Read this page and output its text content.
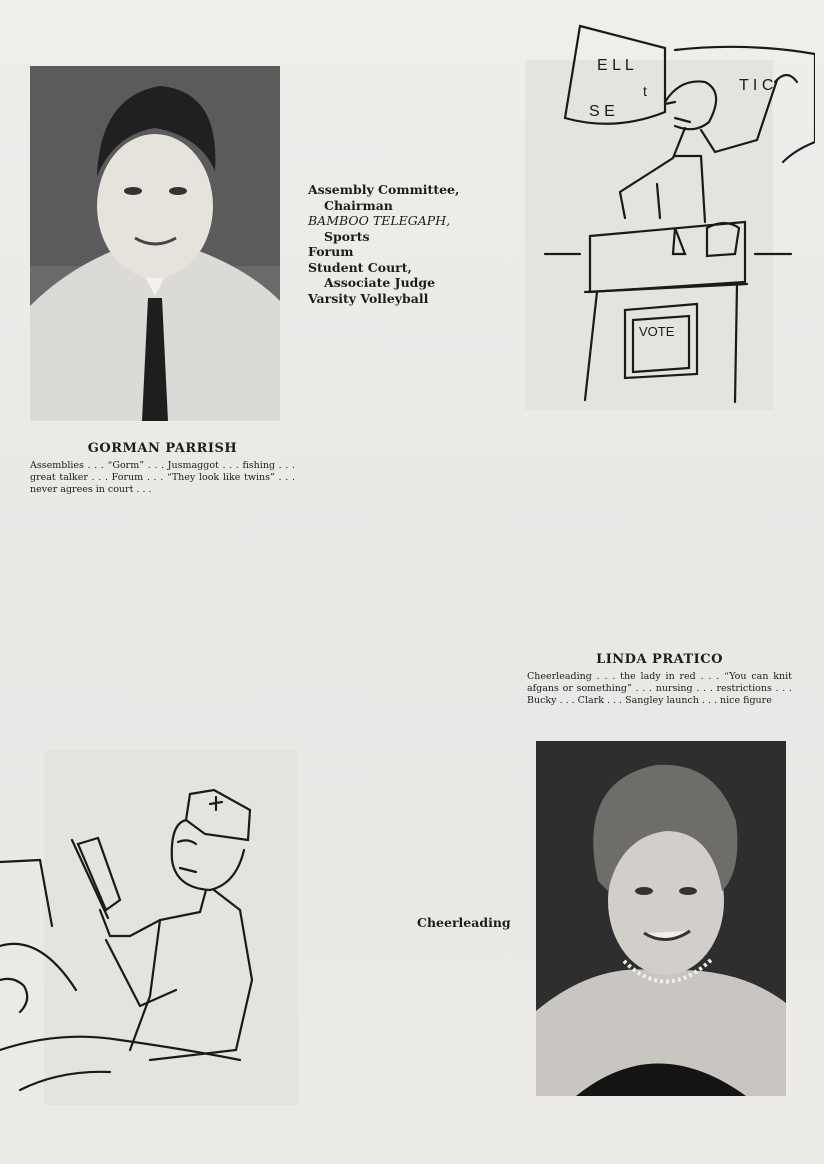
Assembly Committee,
Chairman
BAMBOO TELEGAPH,
Sports
Forum
Student Court,
Associate Judge
Varsity Volleyball

GORMAN PARRISH

Assemblies . . . “Gorm” . . . Jusmaggot . . . fishing . . . great talker . . . Forum . . . “They look like twins” . . . never agrees in court . . .

E L L
T I C
S E
t
VOTE

LINDA PRATICO

Cheerleading . . . the lady in red . . . “You can knit afgans or something” . . . nursing . . . restrictions . . . Bucky . . . Clark . . . Sangley launch . . . nice figure

Cheerleading
